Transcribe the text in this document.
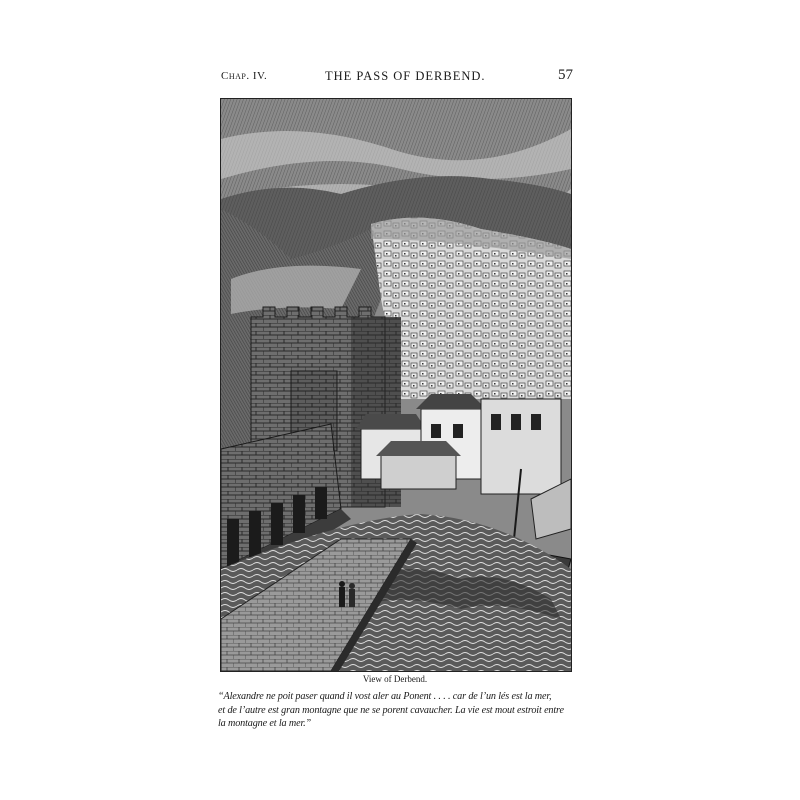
Chap. IV.	THE PASS OF DERBEND.	57
View of Derbend.

“Alexandre ne poit paser quand il vost aler au Ponent . . . . car de l’un lés est la mer,
et de l’autre est gran montagne que ne se porent cavaucher. La vie est mout estroit entre
la montagne et la mer.”
